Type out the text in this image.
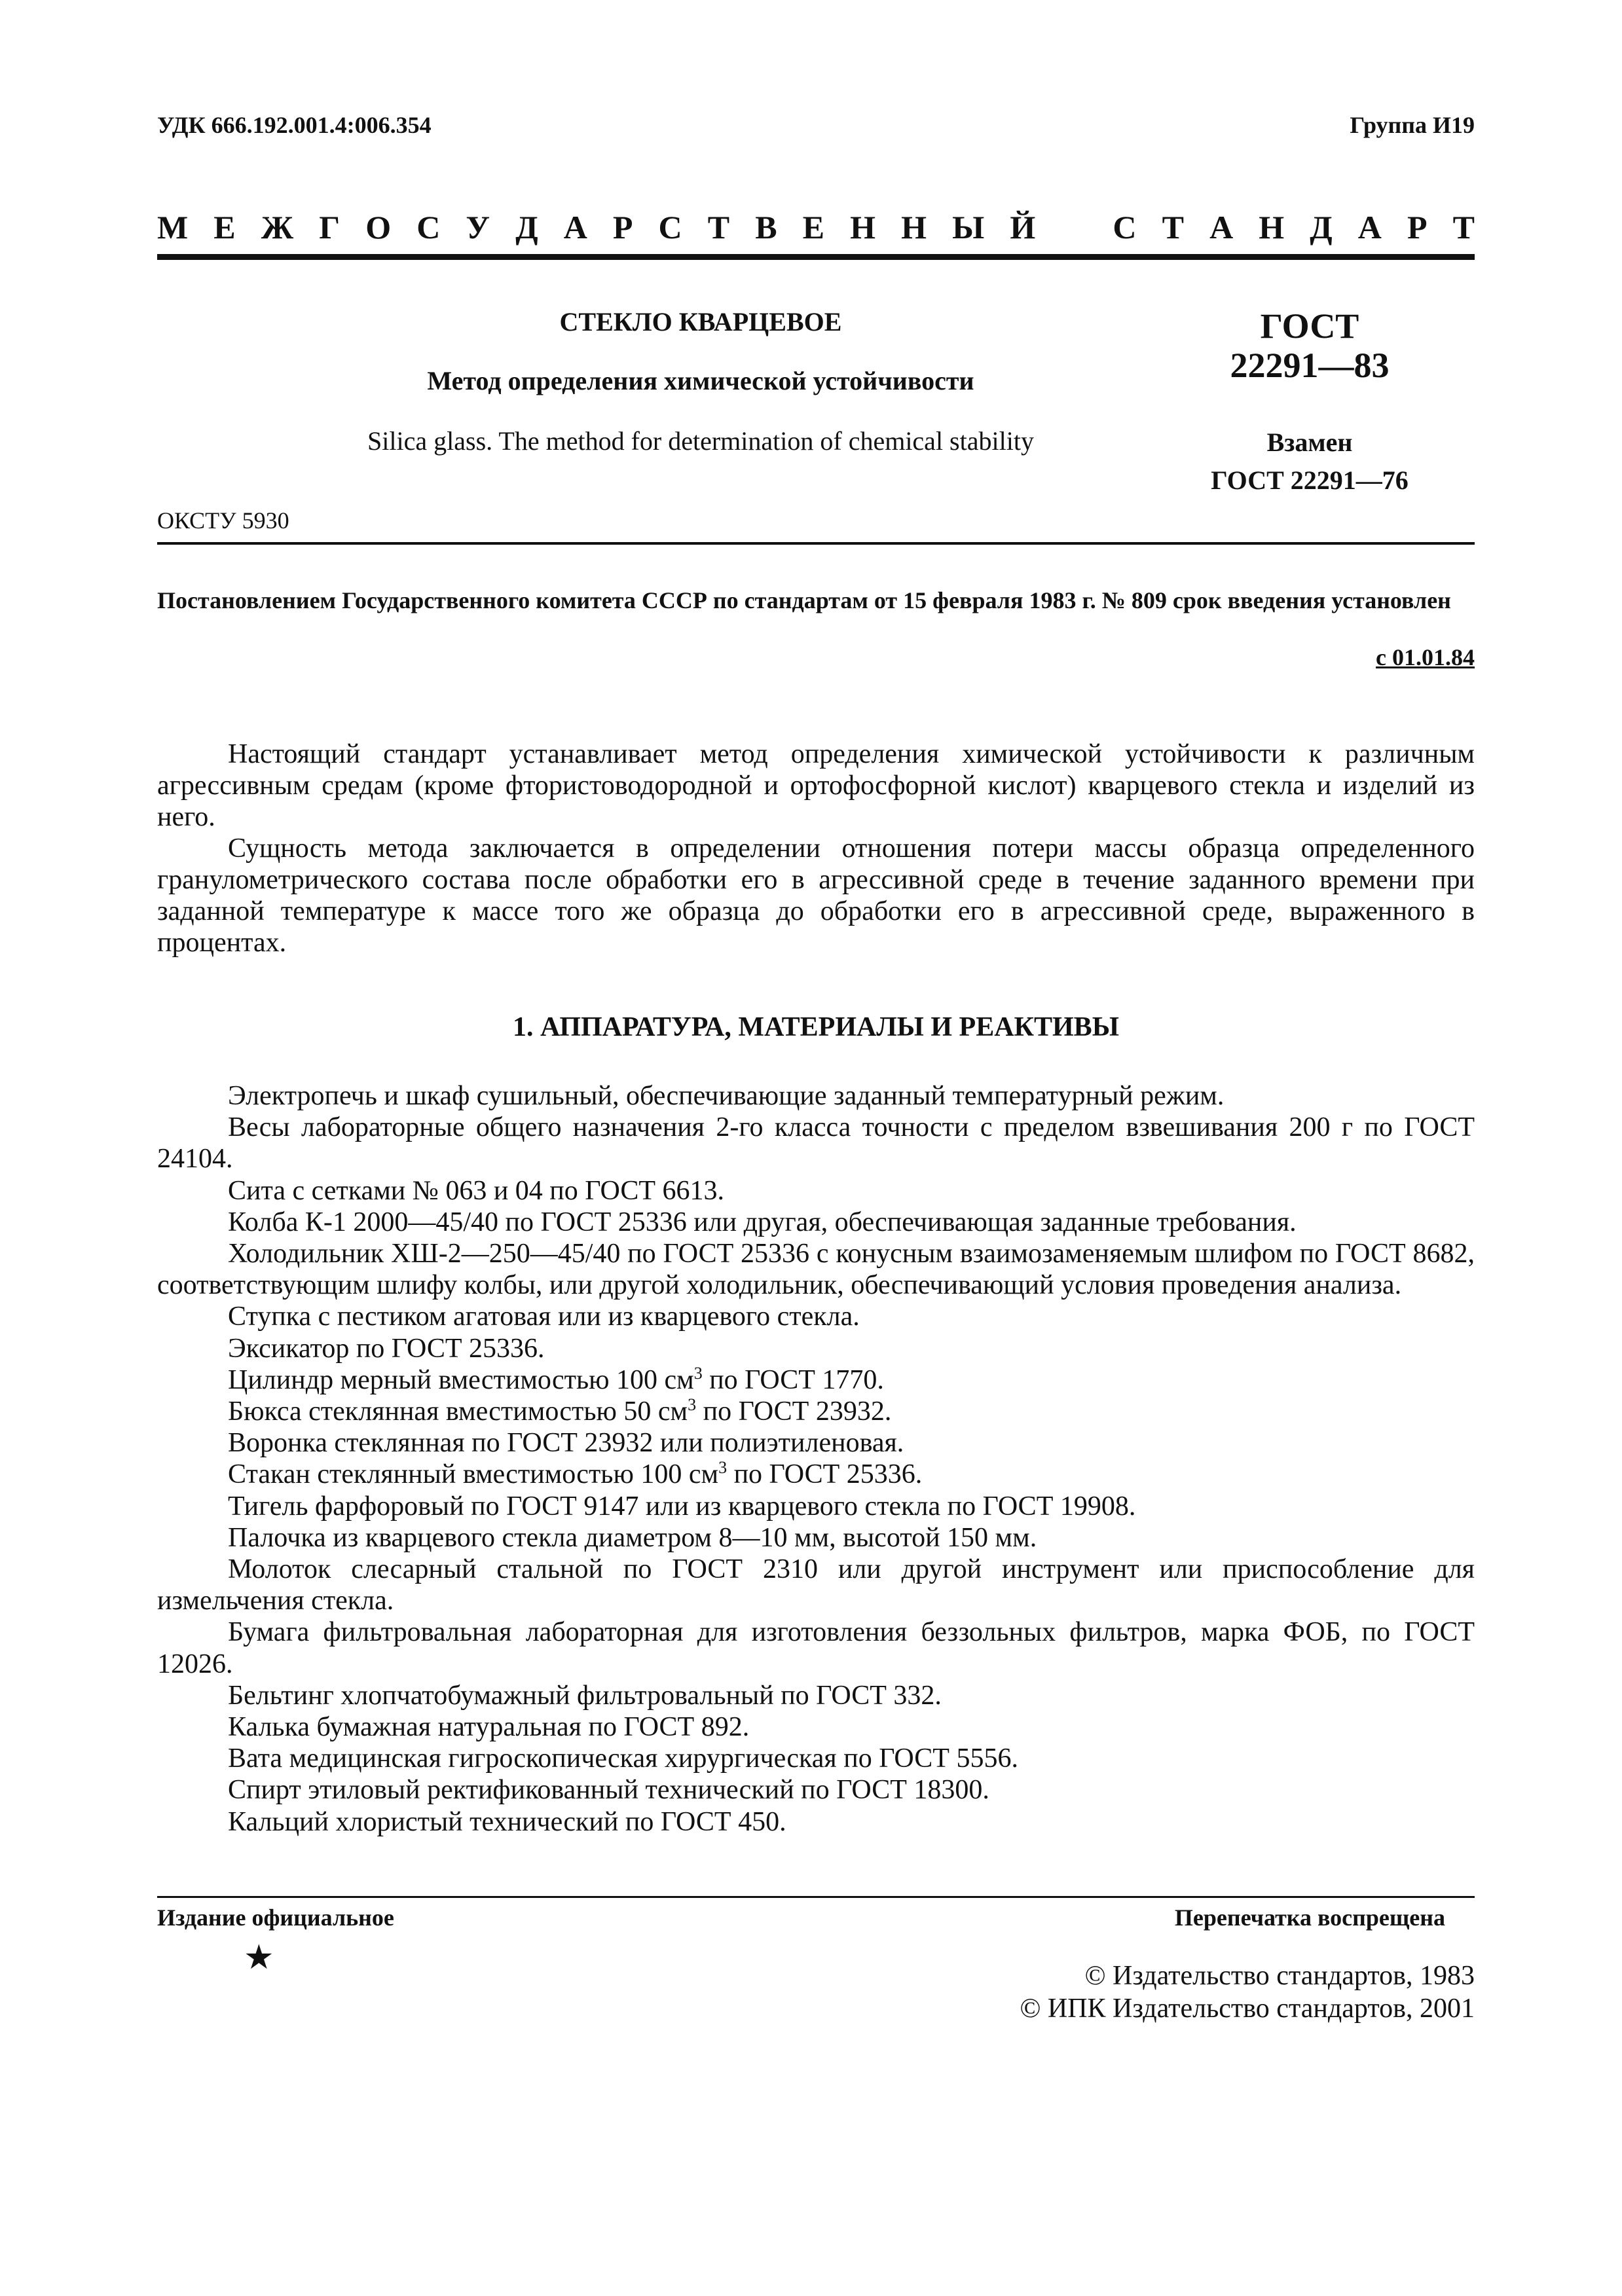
УДК 666.192.001.4:006.354	Группа И19
М Е Ж Г О С У Д А Р С Т В Е Н Н Ы Й
С Т А Н Д А Р Т
СТЕКЛО КВАРЦЕВОЕ
Метод определения химической устойчивости
Silica glass. The method for determination of chemical stability
ОКСТУ 5930
ГОСТ
22291—83
Взамен
ГОСТ 22291—76
Постановлением Государственного комитета СССР по стандартам от 15 февраля 1983 г. № 809 срок введения установлен
с 01.01.84

Настоящий стандарт устанавливает метод определения химической устойчивости к различным агрессивным средам (кроме фтористоводородной и ортофосфорной кислот) кварцевого стекла и изделий из него.

Сущность метода заключается в определении отношения потери массы образца определенного гранулометрического состава после обработки его в агрессивной среде в течение заданного времени при заданной температуре к массе того же образца до обработки его в агрессивной среде, выраженного в процентах.

1. АППАРАТУРА, МАТЕРИАЛЫ И РЕАКТИВЫ

Электропечь и шкаф сушильный, обеспечивающие заданный температурный режим.

Весы лабораторные общего назначения 2-го класса точности с пределом взвешивания 200 г по ГОСТ 24104.

Сита с сетками № 063 и 04 по ГОСТ 6613.

Колба К-1 2000—45/40 по ГОСТ 25336 или другая, обеспечивающая заданные требования.

Холодильник ХШ-2—250—45/40 по ГОСТ 25336 с конусным взаимозаменяемым шлифом по ГОСТ 8682, соответствующим шлифу колбы, или другой холодильник, обеспечивающий условия проведения анализа.

Ступка с пестиком агатовая или из кварцевого стекла.

Эксикатор по ГОСТ 25336.

Цилиндр мерный вместимостью 100 $см^3$ по ГОСТ 1770.

Бюкса стеклянная вместимостью 50 $см^3$ по ГОСТ 23932.

Воронка стеклянная по ГОСТ 23932 или полиэтиленовая.

Стакан стеклянный вместимостью 100 $см^3$ по ГОСТ 25336.

Тигель фарфоровый по ГОСТ 9147 или из кварцевого стекла по ГОСТ 19908.

Палочка из кварцевого стекла диаметром 8—10 мм, высотой 150 мм.

Молоток слесарный стальной по ГОСТ 2310 или другой инструмент или приспособление для измельчения стекла.

Бумага фильтровальная лабораторная для изготовления беззольных фильтров, марка ФОБ, по ГОСТ 12026.

Бельтинг хлопчатобумажный фильтровальный по ГОСТ 332.

Калька бумажная натуральная по ГОСТ 892.

Вата медицинская гигроскопическая хирургическая по ГОСТ 5556.

Спирт этиловый ректификованный технический по ГОСТ 18300.

Кальций хлористый технический по ГОСТ 450.

Издание официальное	Перепечатка воспрещена
★	© Издательство стандартов, 1983
© ИПК Издательство стандартов, 2001
